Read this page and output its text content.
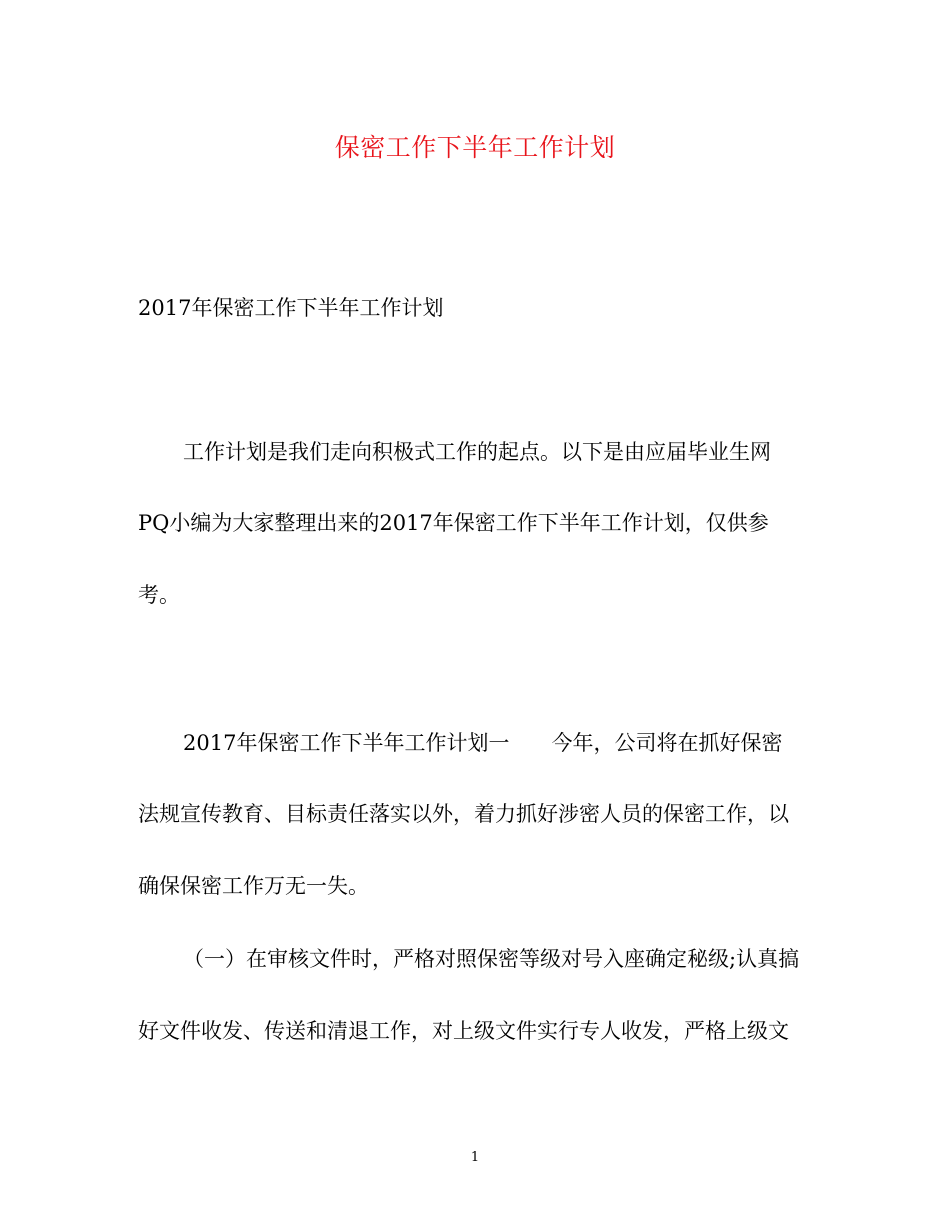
保密工作下半年工作计划
2017年保密工作下半年工作计划
工作计划是我们走向积极式工作的起点。以下是由应届毕业生网
PQ小编为大家整理出来的2017年保密工作下半年工作计划，仅供参
考。
2017年保密工作下半年工作计划一　　今年，公司将在抓好保密
法规宣传教育、目标责任落实以外，着力抓好涉密人员的保密工作，以
确保保密工作万无一失。
（一）在审核文件时，严格对照保密等级对号入座确定秘级;认真搞
好文件收发、传送和清退工作，对上级文件实行专人收发，严格上级文
1
